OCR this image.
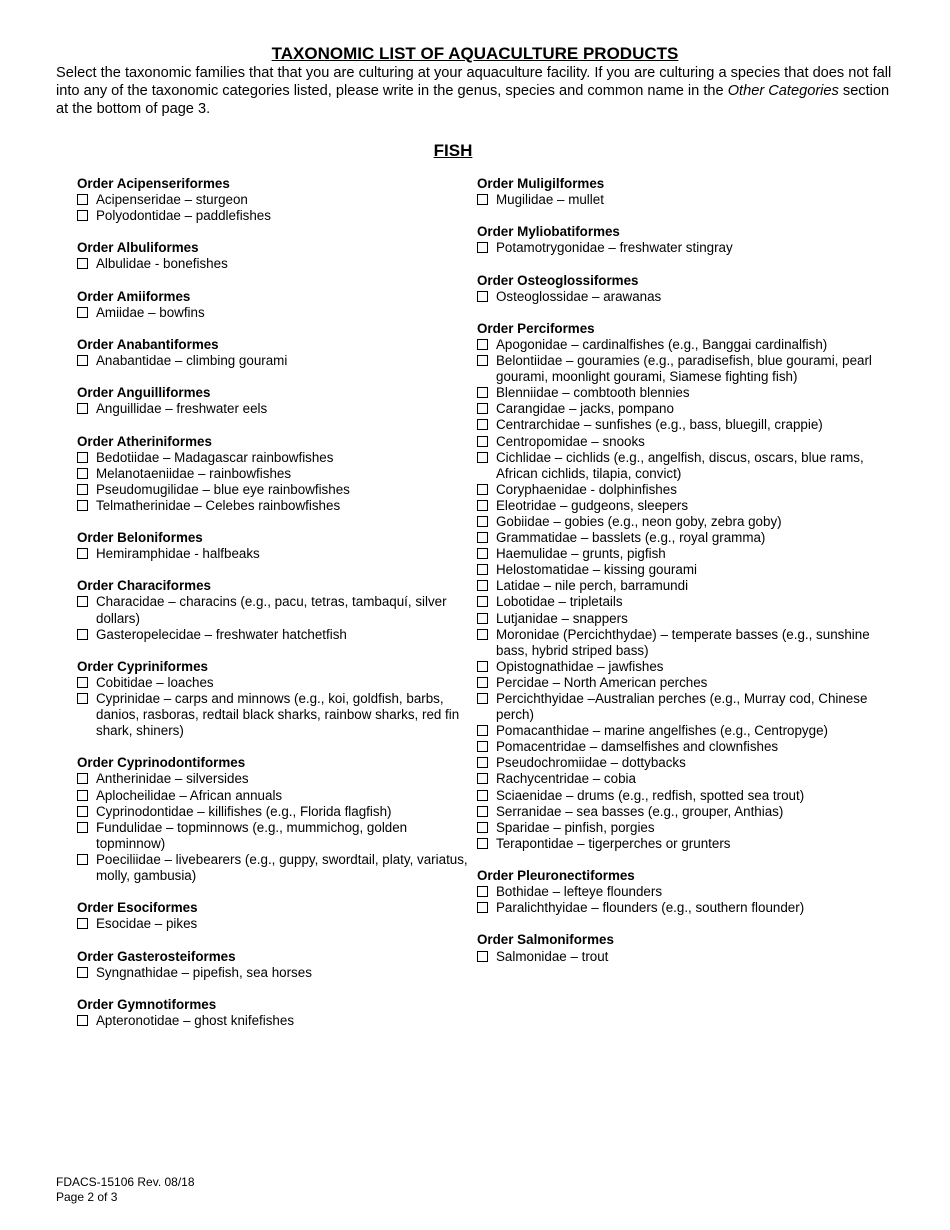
TAXONOMIC LIST OF AQUACULTURE PRODUCTS
Select the taxonomic families that that you are culturing at your aquaculture facility. If you are culturing a species that does not fall into any of the taxonomic categories listed, please write in the genus, species and common name in the Other Categories section at the bottom of page 3.
FISH
Order Acipenseriformes
Acipenseridae – sturgeon
Polyodontidae – paddlefishes
Order Albuliformes
Albulidae - bonefishes
Order Amiiformes
Amiidae – bowfins
Order Anabantiformes
Anabantidae – climbing gourami
Order Anguilliformes
Anguillidae – freshwater eels
Order Atheriniformes
Bedotiidae – Madagascar rainbowfishes
Melanotaeniidae – rainbowfishes
Pseudomugilidae – blue eye rainbowfishes
Telmatherinidae – Celebes rainbowfishes
Order Beloniformes
Hemiramphidae - halfbeaks
Order Characiformes
Characidae – characins (e.g., pacu, tetras, tambaquí, silver dollars)
Gasteropelecidae – freshwater hatchetfish
Order Cypriniformes
Cobitidae – loaches
Cyprinidae – carps and minnows (e.g., koi, goldfish, barbs, danios, rasboras, redtail black sharks, rainbow sharks, red fin shark, shiners)
Order Cyprinodontiformes
Antherinidae – silversides
Aplocheilidae – African annuals
Cyprinodontidae – killifishes (e.g., Florida flagfish)
Fundulidae – topminnows (e.g., mummichog, golden topminnow)
Poeciliidae – livebearers (e.g., guppy, swordtail, platy, variatus, molly, gambusia)
Order Esociformes
Esocidae – pikes
Order Gasterosteiformes
Syngnathidae – pipefish, sea horses
Order Gymnotiformes
Apteronotidae – ghost knifefishes
Order Muligilformes
Mugilidae – mullet
Order Myliobatiformes
Potamotrygonidae – freshwater stingray
Order Osteoglossiformes
Osteoglossidae – arawanas
Order Perciformes
Apogonidae – cardinalfishes (e.g., Banggai cardinalfish)
Belontiidae – gouramies (e.g., paradisefish, blue gourami, pearl gourami, moonlight gourami, Siamese fighting fish)
Blenniidae – combtooth blennies
Carangidae – jacks, pompano
Centrarchidae – sunfishes (e.g., bass, bluegill, crappie)
Centropomidae – snooks
Cichlidae – cichlids (e.g., angelfish, discus, oscars, blue rams, African cichlids, tilapia, convict)
Coryphaenidae - dolphinfishes
Eleotridae – gudgeons, sleepers
Gobiidae – gobies (e.g., neon goby, zebra goby)
Grammatidae – basslets (e.g., royal gramma)
Haemulidae – grunts, pigfish
Helostomatidae – kissing gourami
Latidae – nile perch, barramundi
Lobotidae – tripletails
Lutjanidae – snappers
Moronidae (Percichthydae) – temperate basses (e.g., sunshine bass, hybrid striped bass)
Opistognathidae – jawfishes
Percidae – North American perches
Percichthyidae –Australian perches (e.g., Murray cod, Chinese perch)
Pomacanthidae – marine angelfishes (e.g., Centropyge)
Pomacentridae – damselfishes and clownfishes
Pseudochromiidae – dottybacks
Rachycentridae – cobia
Sciaenidae – drums (e.g., redfish, spotted sea trout)
Serranidae – sea basses (e.g., grouper, Anthias)
Sparidae – pinfish, porgies
Terapontidae – tigerperches or grunters
Order Pleuronectiformes
Bothidae – lefteye flounders
Paralichthyidae – flounders (e.g., southern flounder)
Order Salmoniformes
Salmonidae – trout
FDACS-15106 Rev. 08/18
Page 2 of 3
